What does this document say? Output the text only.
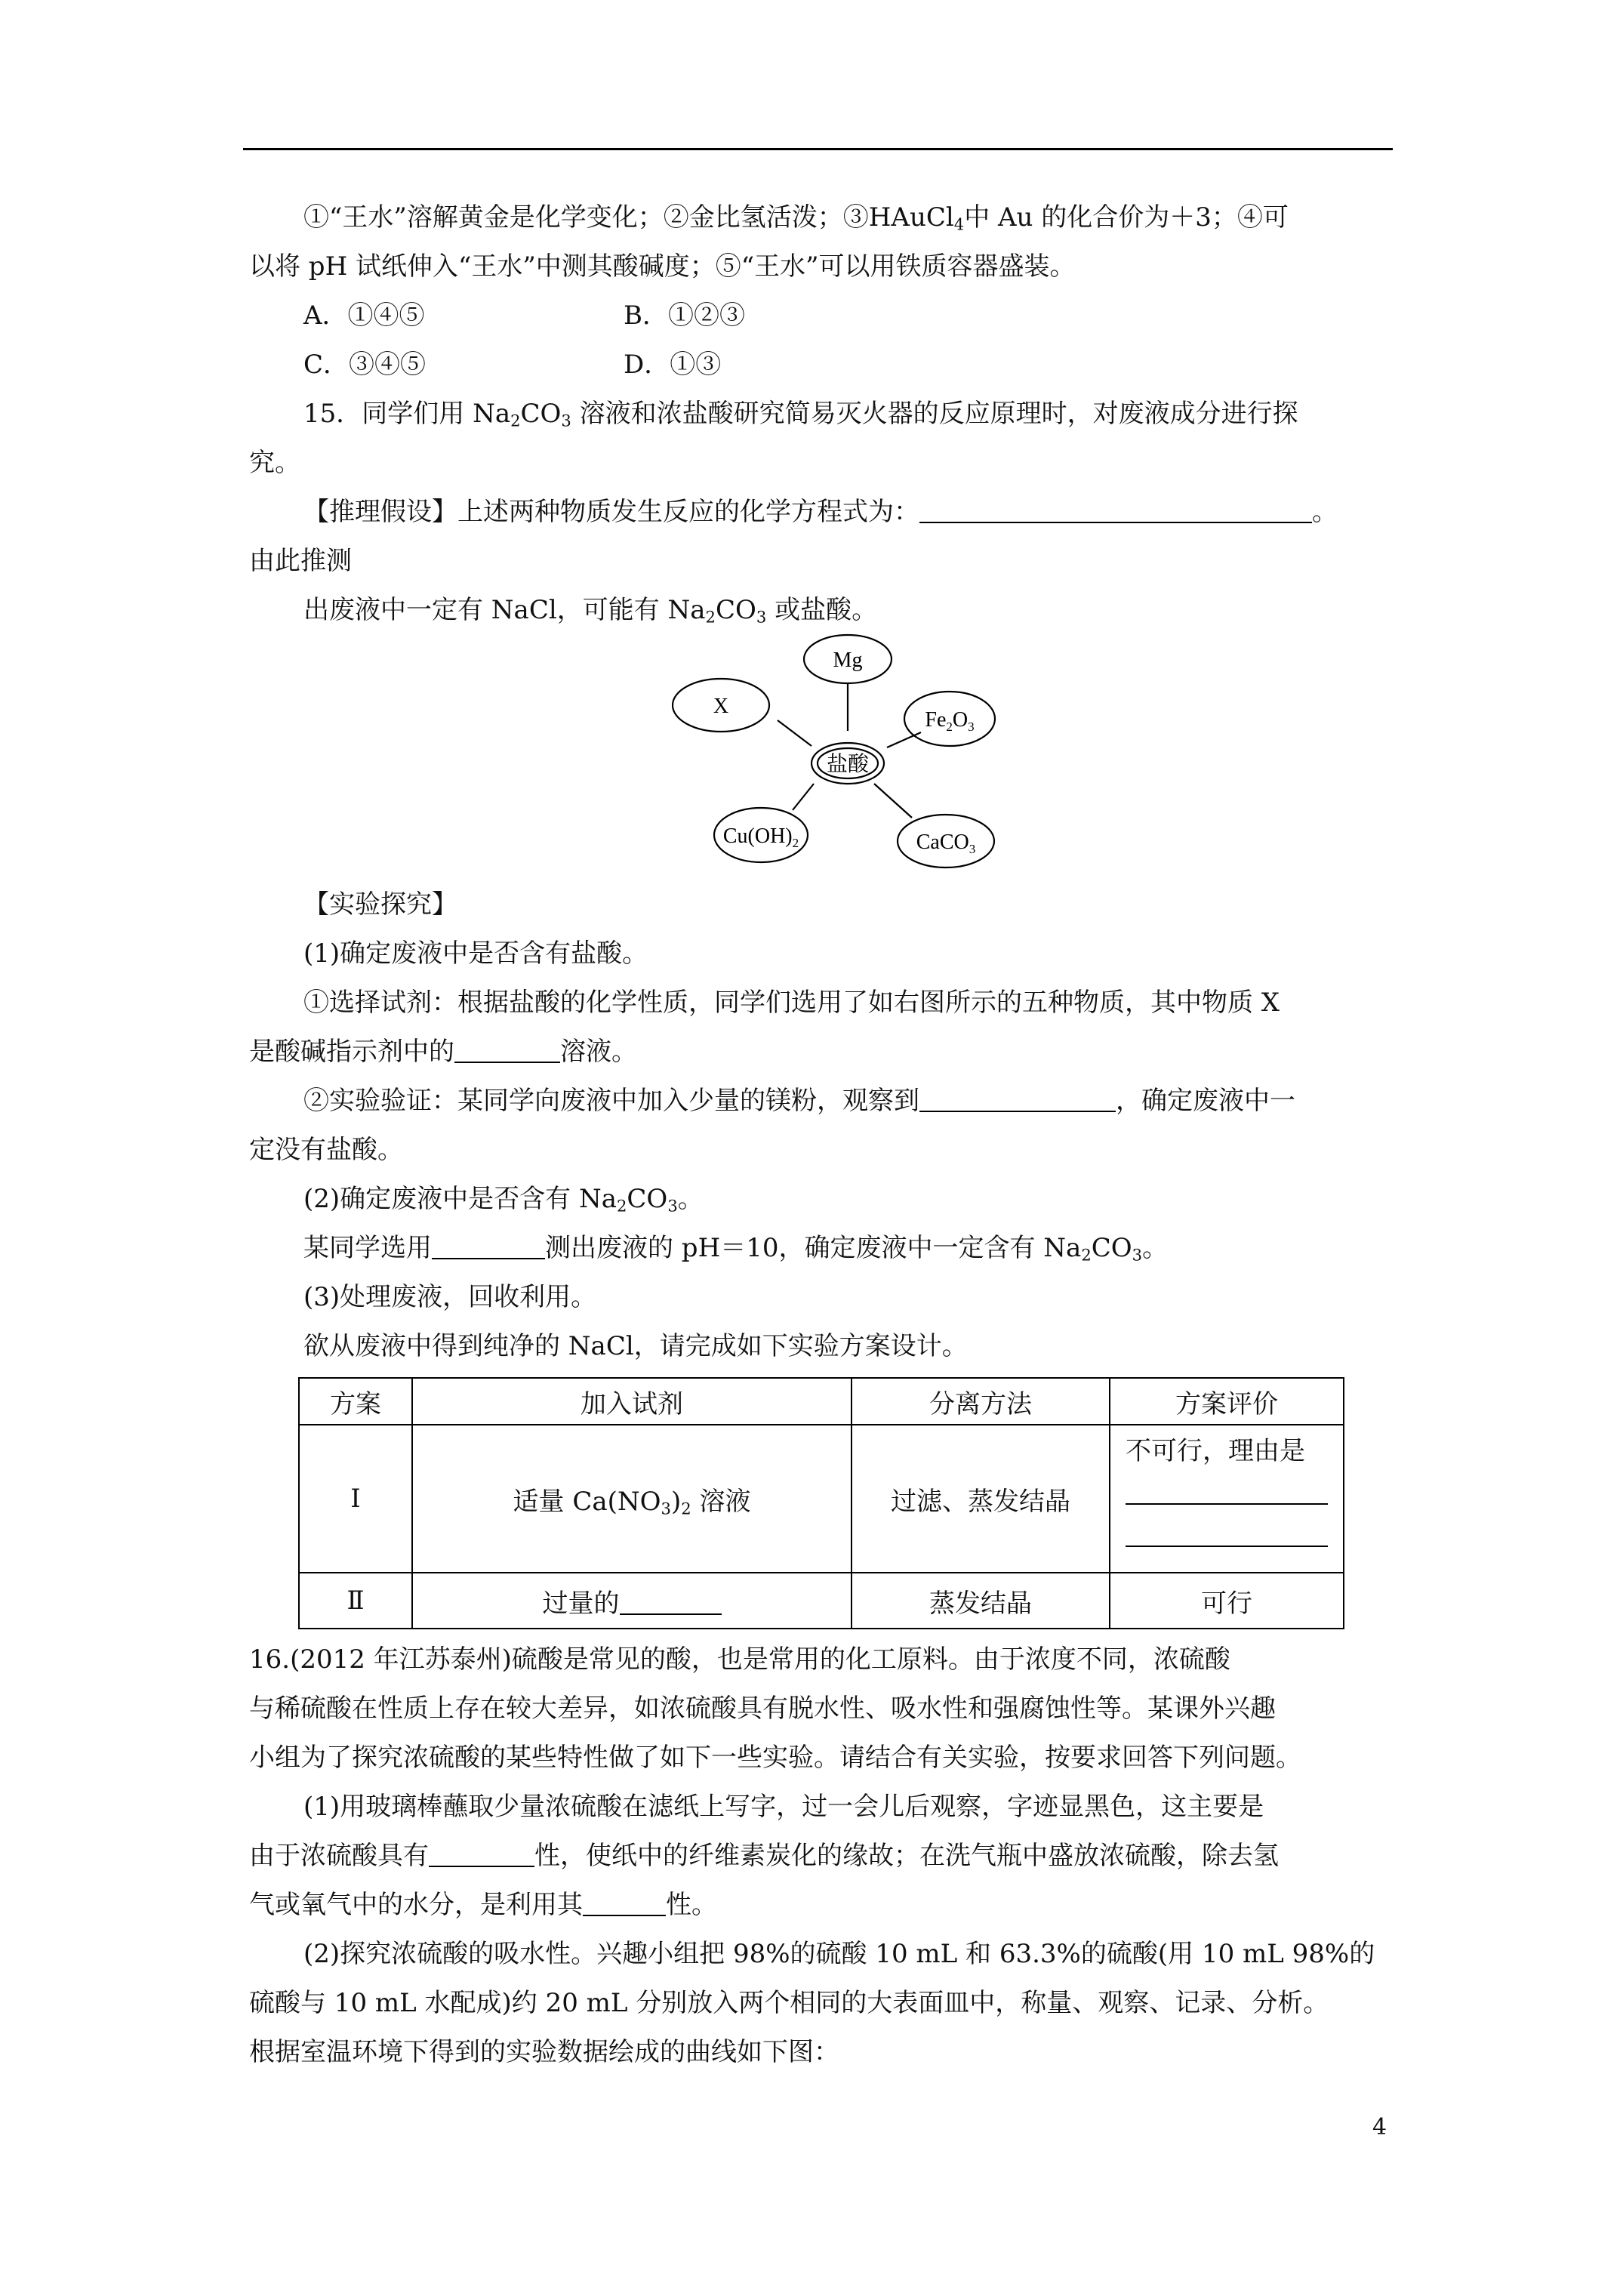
①“王水”溶解黄金是化学变化；②金比氢活泼；③HAuCl$_4$中 Au 的化合价为＋3；④可
以将 pH 试纸伸入“王水”中测其酸碱度；⑤“王水”可以用铁质容器盛装。
A．①④⑤	B．①②③
C．③④⑤	D．①③
15．同学们用 $Na_2CO_3$ 溶液和浓盐酸研究简易灭火器的反应原理时，对废液成分进行探
究。
【推理假设】上述两种物质发生反应的化学方程式为：	。
由此推测
出废液中一定有 NaCl，可能有 $Na_2CO_3$ 或盐酸。
Mg
X
$Fe_2O_3$
盐酸
$Cu(OH)_2$	CaCO$_3$
【实验探究】
(1)确定废液中是否含有盐酸。
①选择试剂：根据盐酸的化学性质，同学们选用了如右图所示的五种物质，其中物质 X
是酸碱指示剂中的	溶液。
②实验验证：某同学向废液中加入少量的镁粉，观察到	，确定废液中一
定没有盐酸。
(2)确定废液中是否含有 $Na_2CO_3$。
某同学选用	测出废液的 pH＝10，确定废液中一定含有 $Na_2CO_3$。
(3)处理废液，回收利用。
欲从废液中得到纯净的 NaCl，请完成如下实验方案设计。
方案	加入试剂	分离方法	方案评价
Ⅰ	适量 $Ca(NO_3)_2$ 溶液	过滤、蒸发结晶	不可行，理由是

Ⅱ	过量的	蒸发结晶	可行
16.(2012 年江苏泰州)硫酸是常见的酸，也是常用的化工原料。由于浓度不同，浓硫酸
与稀硫酸在性质上存在较大差异，如浓硫酸具有脱水性、吸水性和强腐蚀性等。某课外兴趣
小组为了探究浓硫酸的某些特性做了如下一些实验。请结合有关实验，按要求回答下列问题。
(1)用玻璃棒蘸取少量浓硫酸在滤纸上写字，过一会儿后观察，字迹显黑色，这主要是
由于浓硫酸具有	性，使纸中的纤维素炭化的缘故；在洗气瓶中盛放浓硫酸，除去氢
气或氧气中的水分，是利用其	性。
(2)探究浓硫酸的吸水性。兴趣小组把 98%的硫酸 10 mL 和 63.3%的硫酸(用 10 mL 98%的
硫酸与 10 mL 水配成)约 20 mL 分别放入两个相同的大表面皿中，称量、观察、记录、分析。
根据室温环境下得到的实验数据绘成的曲线如下图：
4
